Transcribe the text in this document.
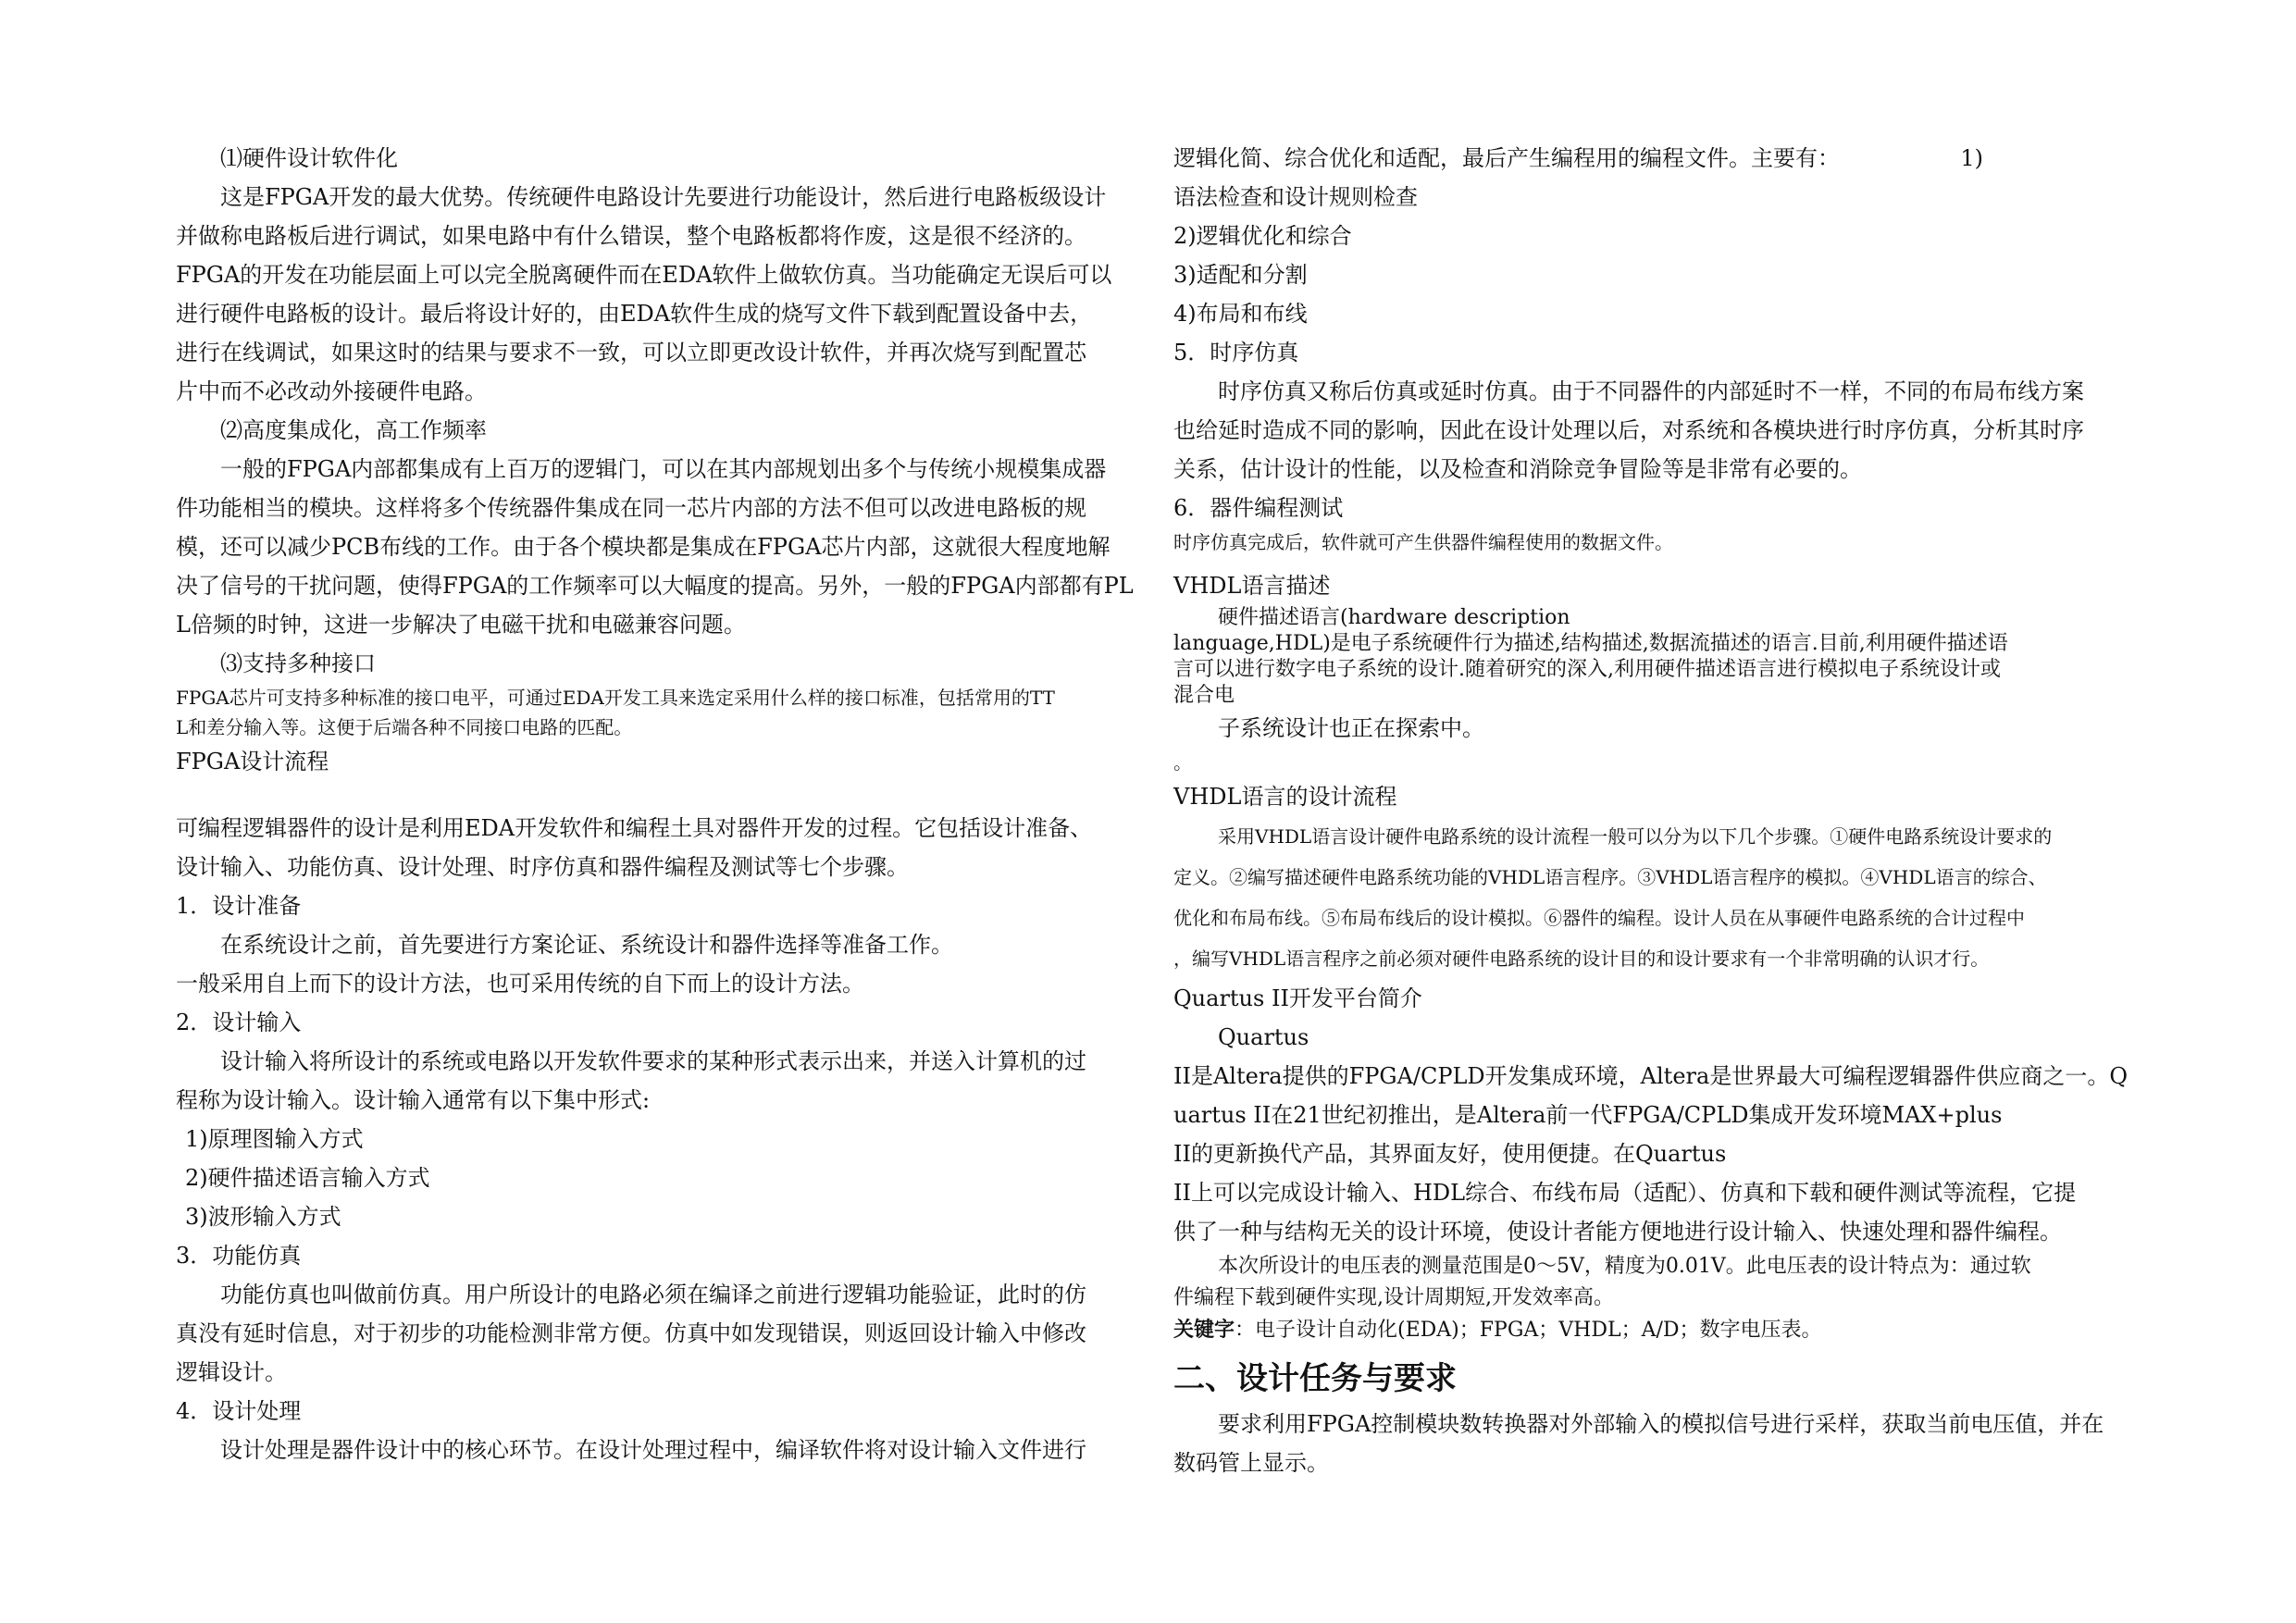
⑴硬件设计软件化
这是FPGA开发的最大优势。传统硬件电路设计先要进行功能设计，然后进行电路板级设计
并做称电路板后进行调试，如果电路中有什么错误，整个电路板都将作废，这是很不经济的。
FPGA的开发在功能层面上可以完全脱离硬件而在EDA软件上做软仿真。当功能确定无误后可以
进行硬件电路板的设计。最后将设计好的，由EDA软件生成的烧写文件下载到配置设备中去，
进行在线调试，如果这时的结果与要求不一致，可以立即更改设计软件，并再次烧写到配置芯
片中而不必改动外接硬件电路。
⑵高度集成化，高工作频率
一般的FPGA内部都集成有上百万的逻辑门，可以在其内部规划出多个与传统小规模集成器
件功能相当的模块。这样将多个传统器件集成在同一芯片内部的方法不但可以改进电路板的规
模，还可以减少PCB布线的工作。由于各个模块都是集成在FPGA芯片内部，这就很大程度地解
决了信号的干扰问题，使得FPGA的工作频率可以大幅度的提高。另外，一般的FPGA内部都有PL
L倍频的时钟，这进一步解决了电磁干扰和电磁兼容问题。
⑶支持多种接口
FPGA芯片可支持多种标准的接口电平，可通过EDA开发工具来选定采用什么样的接口标准，包括常用的TT
L和差分输入等。这便于后端各种不同接口电路的匹配。
FPGA设计流程
可编程逻辑器件的设计是利用EDA开发软件和编程土具对器件开发的过程。它包括设计准备、
设计输入、功能仿真、设计处理、时序仿真和器件编程及测试等七个步骤。
1．设计准备
在系统设计之前，首先要进行方案论证、系统设计和器件选择等准备工作。
一般采用自上而下的设计方法，也可采用传统的自下而上的设计方法。
2．设计输入
设计输入将所设计的系统或电路以开发软件要求的某种形式表示出来，并送入计算机的过
程称为设计输入。设计输入通常有以下集中形式:
1)原理图输入方式
2)硬件描述语言输入方式
3)波形输入方式
3．功能仿真
功能仿真也叫做前仿真。用户所设计的电路必须在编译之前进行逻辑功能验证，此时的仿
真没有延时信息，对于初步的功能检测非常方便。仿真中如发现错误，则返回设计输入中修改
逻辑设计。
4．设计处理
设计处理是器件设计中的核心环节。在设计处理过程中，编译软件将对设计输入文件进行
逻辑化简、综合优化和适配，最后产生编程用的编程文件。主要有：	1)
语法检查和设计规则检查
2)逻辑优化和综合
3)适配和分割
4)布局和布线
5．时序仿真
时序仿真又称后仿真或延时仿真。由于不同器件的内部延时不一样，不同的布局布线方案
也给延时造成不同的影响，因此在设计处理以后，对系统和各模块进行时序仿真，分析其时序
关系，估计设计的性能，以及检查和消除竞争冒险等是非常有必要的。
6．器件编程测试
时序仿真完成后，软件就可产生供器件编程使用的数据文件。
VHDL语言描述
硬件描述语言(hardware description
language,HDL)是电子系统硬件行为描述,结构描述,数据流描述的语言.目前,利用硬件描述语
言可以进行数字电子系统的设计.随着研究的深入,利用硬件描述语言进行模拟电子系统设计或
混合电
子系统设计也正在探索中。
。
VHDL语言的设计流程
采用VHDL语言设计硬件电路系统的设计流程一般可以分为以下几个步骤。①硬件电路系统设计要求的
定义。②编写描述硬件电路系统功能的VHDL语言程序。③VHDL语言程序的模拟。④VHDL语言的综合、
优化和布局布线。⑤布局布线后的设计模拟。⑥器件的编程。设计人员在从事硬件电路系统的合计过程中
，编写VHDL语言程序之前必须对硬件电路系统的设计目的和设计要求有一个非常明确的认识才行。
Quartus II开发平台简介
Quartus
II是Altera提供的FPGA/CPLD开发集成环境，Altera是世界最大可编程逻辑器件供应商之一。Q
uartus II在21世纪初推出，是Altera前一代FPGA/CPLD集成开发环境MAX+plus
II的更新换代产品，其界面友好，使用便捷。在Quartus
II上可以完成设计输入、HDL综合、布线布局（适配）、仿真和下载和硬件测试等流程，它提
供了一种与结构无关的设计环境，使设计者能方便地进行设计输入、快速处理和器件编程。
本次所设计的电压表的测量范围是0～5V，精度为0.01V。此电压表的设计特点为：通过软
件编程下载到硬件实现,设计周期短,开发效率高。
关键字：电子设计自动化(EDA)；FPGA；VHDL；A/D；数字电压表。
二、设计任务与要求
要求利用FPGA控制模块数转换器对外部输入的模拟信号进行采样，获取当前电压值，并在
数码管上显示。
